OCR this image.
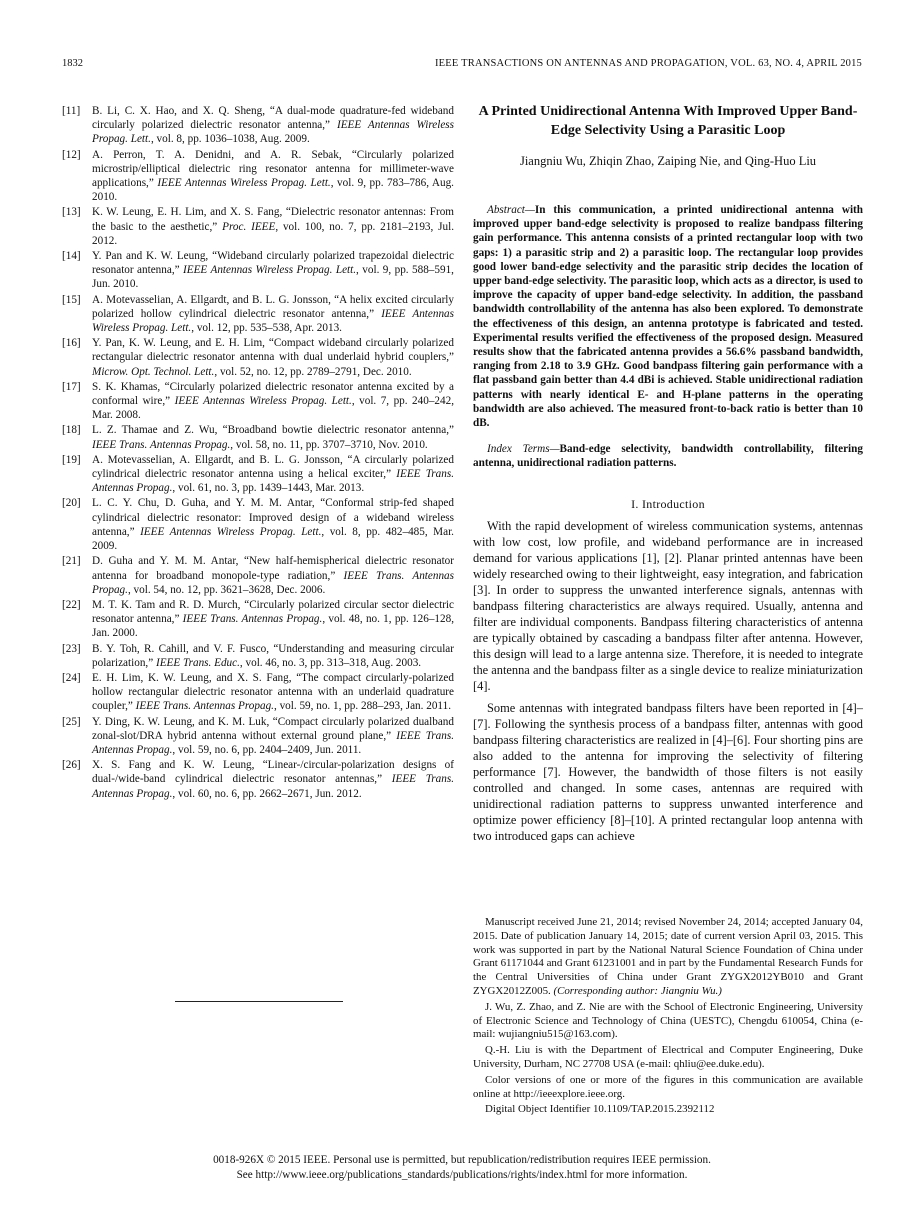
1832	IEEE TRANSACTIONS ON ANTENNAS AND PROPAGATION, VOL. 63, NO. 4, APRIL 2015
[11] B. Li, C. X. Hao, and X. Q. Sheng, “A dual-mode quadrature-fed wideband circularly polarized dielectric resonator antenna,” IEEE Antennas Wireless Propag. Lett., vol. 8, pp. 1036–1038, Aug. 2009.
[12] A. Perron, T. A. Denidni, and A. R. Sebak, “Circularly polarized microstrip/elliptical dielectric ring resonator antenna for millimeter-wave applications,” IEEE Antennas Wireless Propag. Lett., vol. 9, pp. 783–786, Aug. 2010.
[13] K. W. Leung, E. H. Lim, and X. S. Fang, “Dielectric resonator antennas: From the basic to the aesthetic,” Proc. IEEE, vol. 100, no. 7, pp. 2181–2193, Jul. 2012.
[14] Y. Pan and K. W. Leung, “Wideband circularly polarized trapezoidal dielectric resonator antenna,” IEEE Antennas Wireless Propag. Lett., vol. 9, pp. 588–591, Jun. 2010.
[15] A. Motevasselian, A. Ellgardt, and B. L. G. Jonsson, “A helix excited circularly polarized hollow cylindrical dielectric resonator antenna,” IEEE Antennas Wireless Propag. Lett., vol. 12, pp. 535–538, Apr. 2013.
[16] Y. Pan, K. W. Leung, and E. H. Lim, “Compact wideband circularly polarized rectangular dielectric resonator antenna with dual underlaid hybrid couplers,” Microw. Opt. Technol. Lett., vol. 52, no. 12, pp. 2789–2791, Dec. 2010.
[17] S. K. Khamas, “Circularly polarized dielectric resonator antenna excited by a conformal wire,” IEEE Antennas Wireless Propag. Lett., vol. 7, pp. 240–242, Mar. 2008.
[18] L. Z. Thamae and Z. Wu, “Broadband bowtie dielectric resonator antenna,” IEEE Trans. Antennas Propag., vol. 58, no. 11, pp. 3707–3710, Nov. 2010.
[19] A. Motevasselian, A. Ellgardt, and B. L. G. Jonsson, “A circularly polarized cylindrical dielectric resonator antenna using a helical exciter,” IEEE Trans. Antennas Propag., vol. 61, no. 3, pp. 1439–1443, Mar. 2013.
[20] L. C. Y. Chu, D. Guha, and Y. M. M. Antar, “Conformal strip-fed shaped cylindrical dielectric resonator: Improved design of a wideband wireless antenna,” IEEE Antennas Wireless Propag. Lett., vol. 8, pp. 482–485, Mar. 2009.
[21] D. Guha and Y. M. M. Antar, “New half-hemispherical dielectric resonator antenna for broadband monopole-type radiation,” IEEE Trans. Antennas Propag., vol. 54, no. 12, pp. 3621–3628, Dec. 2006.
[22] M. T. K. Tam and R. D. Murch, “Circularly polarized circular sector dielectric resonator antenna,” IEEE Trans. Antennas Propag., vol. 48, no. 1, pp. 126–128, Jan. 2000.
[23] B. Y. Toh, R. Cahill, and V. F. Fusco, “Understanding and measuring circular polarization,” IEEE Trans. Educ., vol. 46, no. 3, pp. 313–318, Aug. 2003.
[24] E. H. Lim, K. W. Leung, and X. S. Fang, “The compact circularly-polarized hollow rectangular dielectric resonator antenna with an underlaid quadrature coupler,” IEEE Trans. Antennas Propag., vol. 59, no. 1, pp. 288–293, Jan. 2011.
[25] Y. Ding, K. W. Leung, and K. M. Luk, “Compact circularly polarized dualband zonal-slot/DRA hybrid antenna without external ground plane,” IEEE Trans. Antennas Propag., vol. 59, no. 6, pp. 2404–2409, Jun. 2011.
[26] X. S. Fang and K. W. Leung, “Linear-/circular-polarization designs of dual-/wide-band cylindrical dielectric resonator antennas,” IEEE Trans. Antennas Propag., vol. 60, no. 6, pp. 2662–2671, Jun. 2012.
A Printed Unidirectional Antenna With Improved Upper Band-Edge Selectivity Using a Parasitic Loop
Jiangniu Wu, Zhiqin Zhao, Zaiping Nie, and Qing-Huo Liu
Abstract—In this communication, a printed unidirectional antenna with improved upper band-edge selectivity is proposed to realize bandpass filtering gain performance. This antenna consists of a printed rectangular loop with two gaps: 1) a parasitic strip and 2) a parasitic loop. The rectangular loop provides good lower band-edge selectivity and the parasitic strip decides the location of upper band-edge selectivity. The parasitic loop, which acts as a director, is used to improve the capacity of upper band-edge selectivity. In addition, the passband bandwidth controllability of the antenna has also been explored. To demonstrate the effectiveness of this design, an antenna prototype is fabricated and tested. Experimental results verified the effectiveness of the proposed design. Measured results show that the fabricated antenna provides a 56.6% passband bandwidth, ranging from 2.18 to 3.9 GHz. Good bandpass filtering gain performance with a flat passband gain better than 4.4 dBi is achieved. Stable unidirectional radiation patterns with nearly identical E- and H-plane patterns in the operating bandwidth are also achieved. The measured front-to-back ratio is better than 10 dB.
Index Terms—Band-edge selectivity, bandwidth controllability, filtering antenna, unidirectional radiation patterns.
I. Introduction

With the rapid development of wireless communication systems, antennas with low cost, low profile, and wideband performance are in increased demand for various applications [1], [2]. Planar printed antennas have been widely researched owing to their lightweight, easy integration, and fabrication [3]. In order to suppress the unwanted interference signals, antennas with bandpass filtering characteristics are always required. Usually, antenna and filter are individual components. Bandpass filtering characteristics of antenna are typically obtained by cascading a bandpass filter after antenna. However, this design will lead to a large antenna size. Therefore, it is needed to integrate the antenna and the bandpass filter as a single device to realize miniaturization [4].

Some antennas with integrated bandpass filters have been reported in [4]–[7]. Following the synthesis process of a bandpass filter, antennas with good bandpass filtering characteristics are realized in [4]–[6]. Four shorting pins are also added to the antenna for improving the selectivity of filtering performance [7]. However, the bandwidth of those filters is not easily controlled and changed. In some cases, antennas are required with unidirectional radiation patterns to suppress unwanted interference and optimize power efficiency [8]–[10]. A printed rectangular loop antenna with two introduced gaps can achieve

Manuscript received June 21, 2014; revised November 24, 2014; accepted January 04, 2015. Date of publication January 14, 2015; date of current version April 03, 2015. This work was supported in part by the National Natural Science Foundation of China under Grant 61171044 and Grant 61231001 and in part by the Fundamental Research Funds for the Central Universities of China under Grant ZYGX2012YB010 and Grant ZYGX2012Z005. (Corresponding author: Jiangniu Wu.)

J. Wu, Z. Zhao, and Z. Nie are with the School of Electronic Engineering, University of Electronic Science and Technology of China (UESTC), Chengdu 610054, China (e-mail: wujiangniu515@163.com).

Q.-H. Liu is with the Department of Electrical and Computer Engineering, Duke University, Durham, NC 27708 USA (e-mail: qhliu@ee.duke.edu).

Color versions of one or more of the figures in this communication are available online at http://ieeexplore.ieee.org.

Digital Object Identifier 10.1109/TAP.2015.2392112

0018-926X © 2015 IEEE. Personal use is permitted, but republication/redistribution requires IEEE permission.
See http://www.ieee.org/publications_standards/publications/rights/index.html for more information.
